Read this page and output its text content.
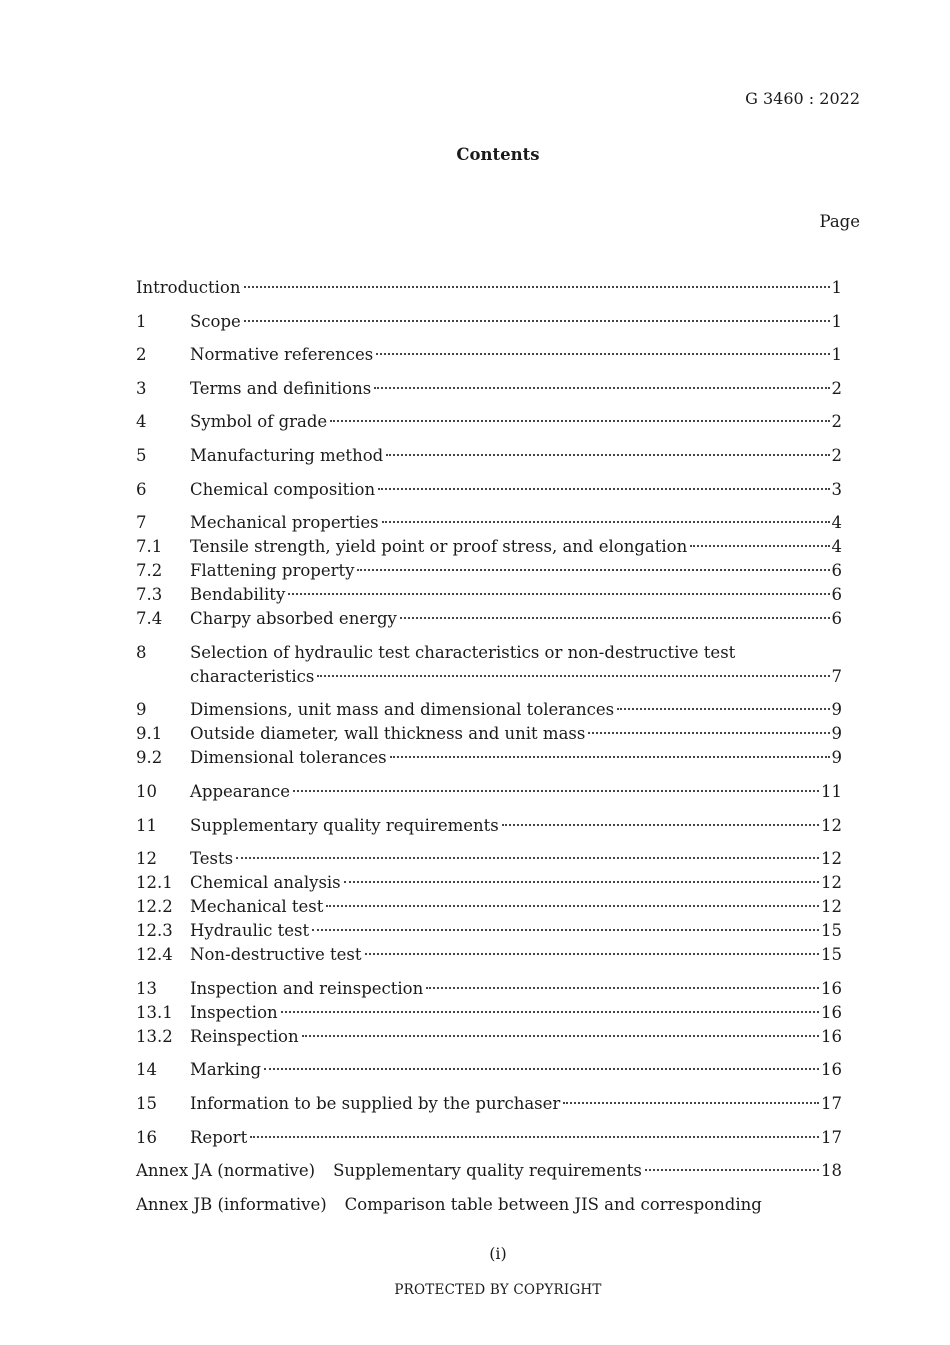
G 3460 : 2022
Contents
Page
Introduction	1
1	Scope	1
2	Normative references	1
3	Terms and definitions	2
4	Symbol of grade	2
5	Manufacturing method	2
6	Chemical composition	3
7	Mechanical properties	4
7.1	Tensile strength, yield point or proof stress, and elongation	4
7.2	Flattening property	6
7.3	Bendability	6
7.4	Charpy absorbed energy	6
8	Selection of hydraulic test characteristics or non-destructive test
characteristics	7
9	Dimensions, unit mass and dimensional tolerances	9
9.1	Outside diameter, wall thickness and unit mass	9
9.2	Dimensional tolerances	9
10	Appearance	11
11	Supplementary quality requirements	12
12	Tests	12
12.1	Chemical analysis	12
12.2	Mechanical test	12
12.3	Hydraulic test	15
12.4	Non-destructive test	15
13	Inspection and reinspection	16
13.1	Inspection	16
13.2	Reinspection	16
14	Marking	16
15	Information to be supplied by the purchaser	17
16	Report	17
Annex JA (normative)	Supplementary quality requirements	18
Annex JB (informative)	Comparison table between JIS and corresponding
(i)
PROTECTED BY COPYRIGHT
